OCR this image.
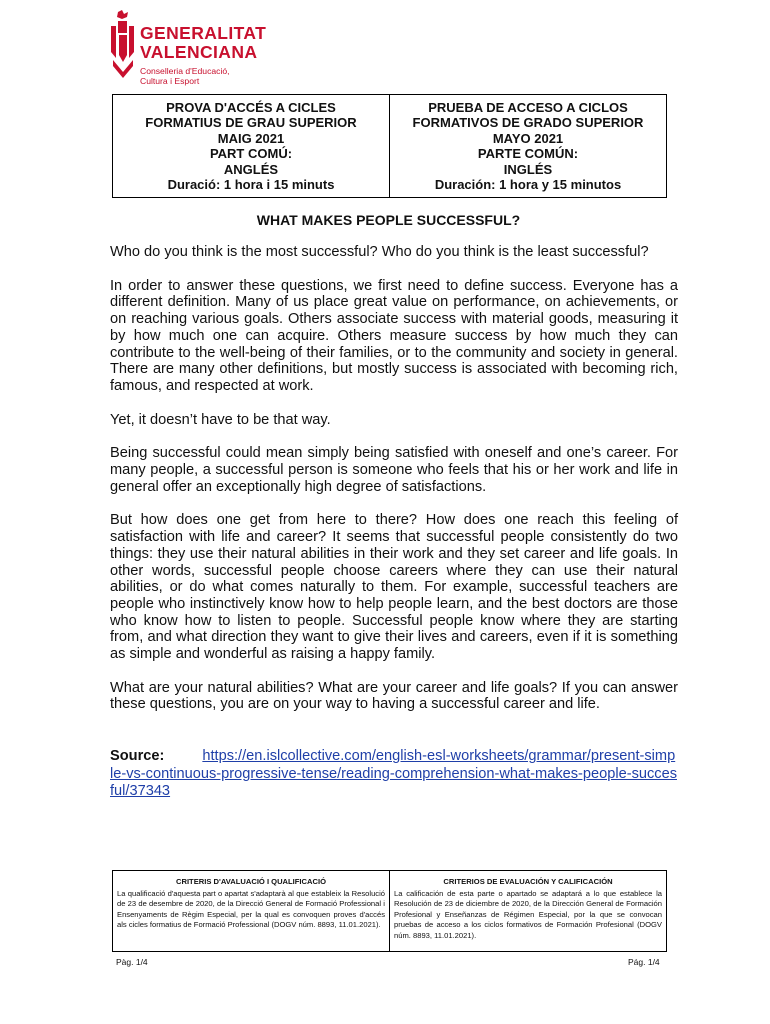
GENERALITAT
VALENCIANA
Conselleria d'Educació,
Cultura i Esport
PROVA D'ACCÉS A CICLES
FORMATIUS DE GRAU SUPERIOR
MAIG 2021
PART COMÚ:
ANGLÉS
Duració: 1 hora i 15 minuts
PRUEBA DE ACCESO A CICLOS
FORMATIVOS DE GRADO SUPERIOR
MAYO 2021
PARTE COMÚN:
INGLÉS
Duración: 1 hora y 15 minutos
WHAT MAKES PEOPLE SUCCESSFUL?

Who do you think is the most successful? Who do you think is the least successful?

In order to answer these questions, we first need to define success. Everyone has a different definition. Many of us place great value on performance, on achievements, or on reaching various goals. Others associate success with material goods, measuring it by how much one can acquire. Others measure success by how much they can contribute to the well-being of their families, or to the community and society in general. There are many other definitions, but mostly success is associated with becoming rich, famous, and respected at work.

Yet, it doesn’t have to be that way.

Being successful could mean simply being satisfied with oneself and one’s career. For many people, a successful person is someone who feels that his or her work and life in general offer an exceptionally high degree of satisfactions.

But how does one get from here to there? How does one reach this feeling of satisfaction with life and career? It seems that successful people consistently do two things: they use their natural abilities in their work and they set career and life goals. In other words, successful people choose careers where they can use their natural abilities, or do what comes naturally to them. For example, successful teachers are people who instinctively know how to help people learn, and the best doctors are those who know how to listen to people. Successful people know where they are starting from, and what direction they want to give their lives and careers, even if it is something as simple and wonderful as raising a happy family.

What are your natural abilities? What are your career and life goals? If you can answer these questions, you are on your way to having a successful career and life.

Source:	https://en.islcollective.com/english-esl-worksheets/grammar/present-simple-vs-continuous-progressive-tense/reading-comprehension-what-makes-people-succesful/37343
CRITERIS D'AVALUACIÓ I QUALIFICACIÓ
La qualificació d'aquesta part o apartat s'adaptarà al que estableix la Resolució de 23 de desembre de 2020, de la Direcció General de Formació Professional i Ensenyaments de Règim Especial, per la qual es convoquen proves d'accés als cicles formatius de Formació Professional (DOGV núm. 8893, 11.01.2021).
CRITERIOS DE EVALUACIÓN Y CALIFICACIÓN
La calificación de esta parte o apartado se adaptará a lo que establece la Resolución de 23 de diciembre de 2020, de la Dirección General de Formación Profesional y Enseñanzas de Régimen Especial, por la que se convocan pruebas de acceso a los ciclos formativos de Formación Profesional (DOGV núm. 8893, 11.01.2021).
Pàg. 1/4	Pág. 1/4
